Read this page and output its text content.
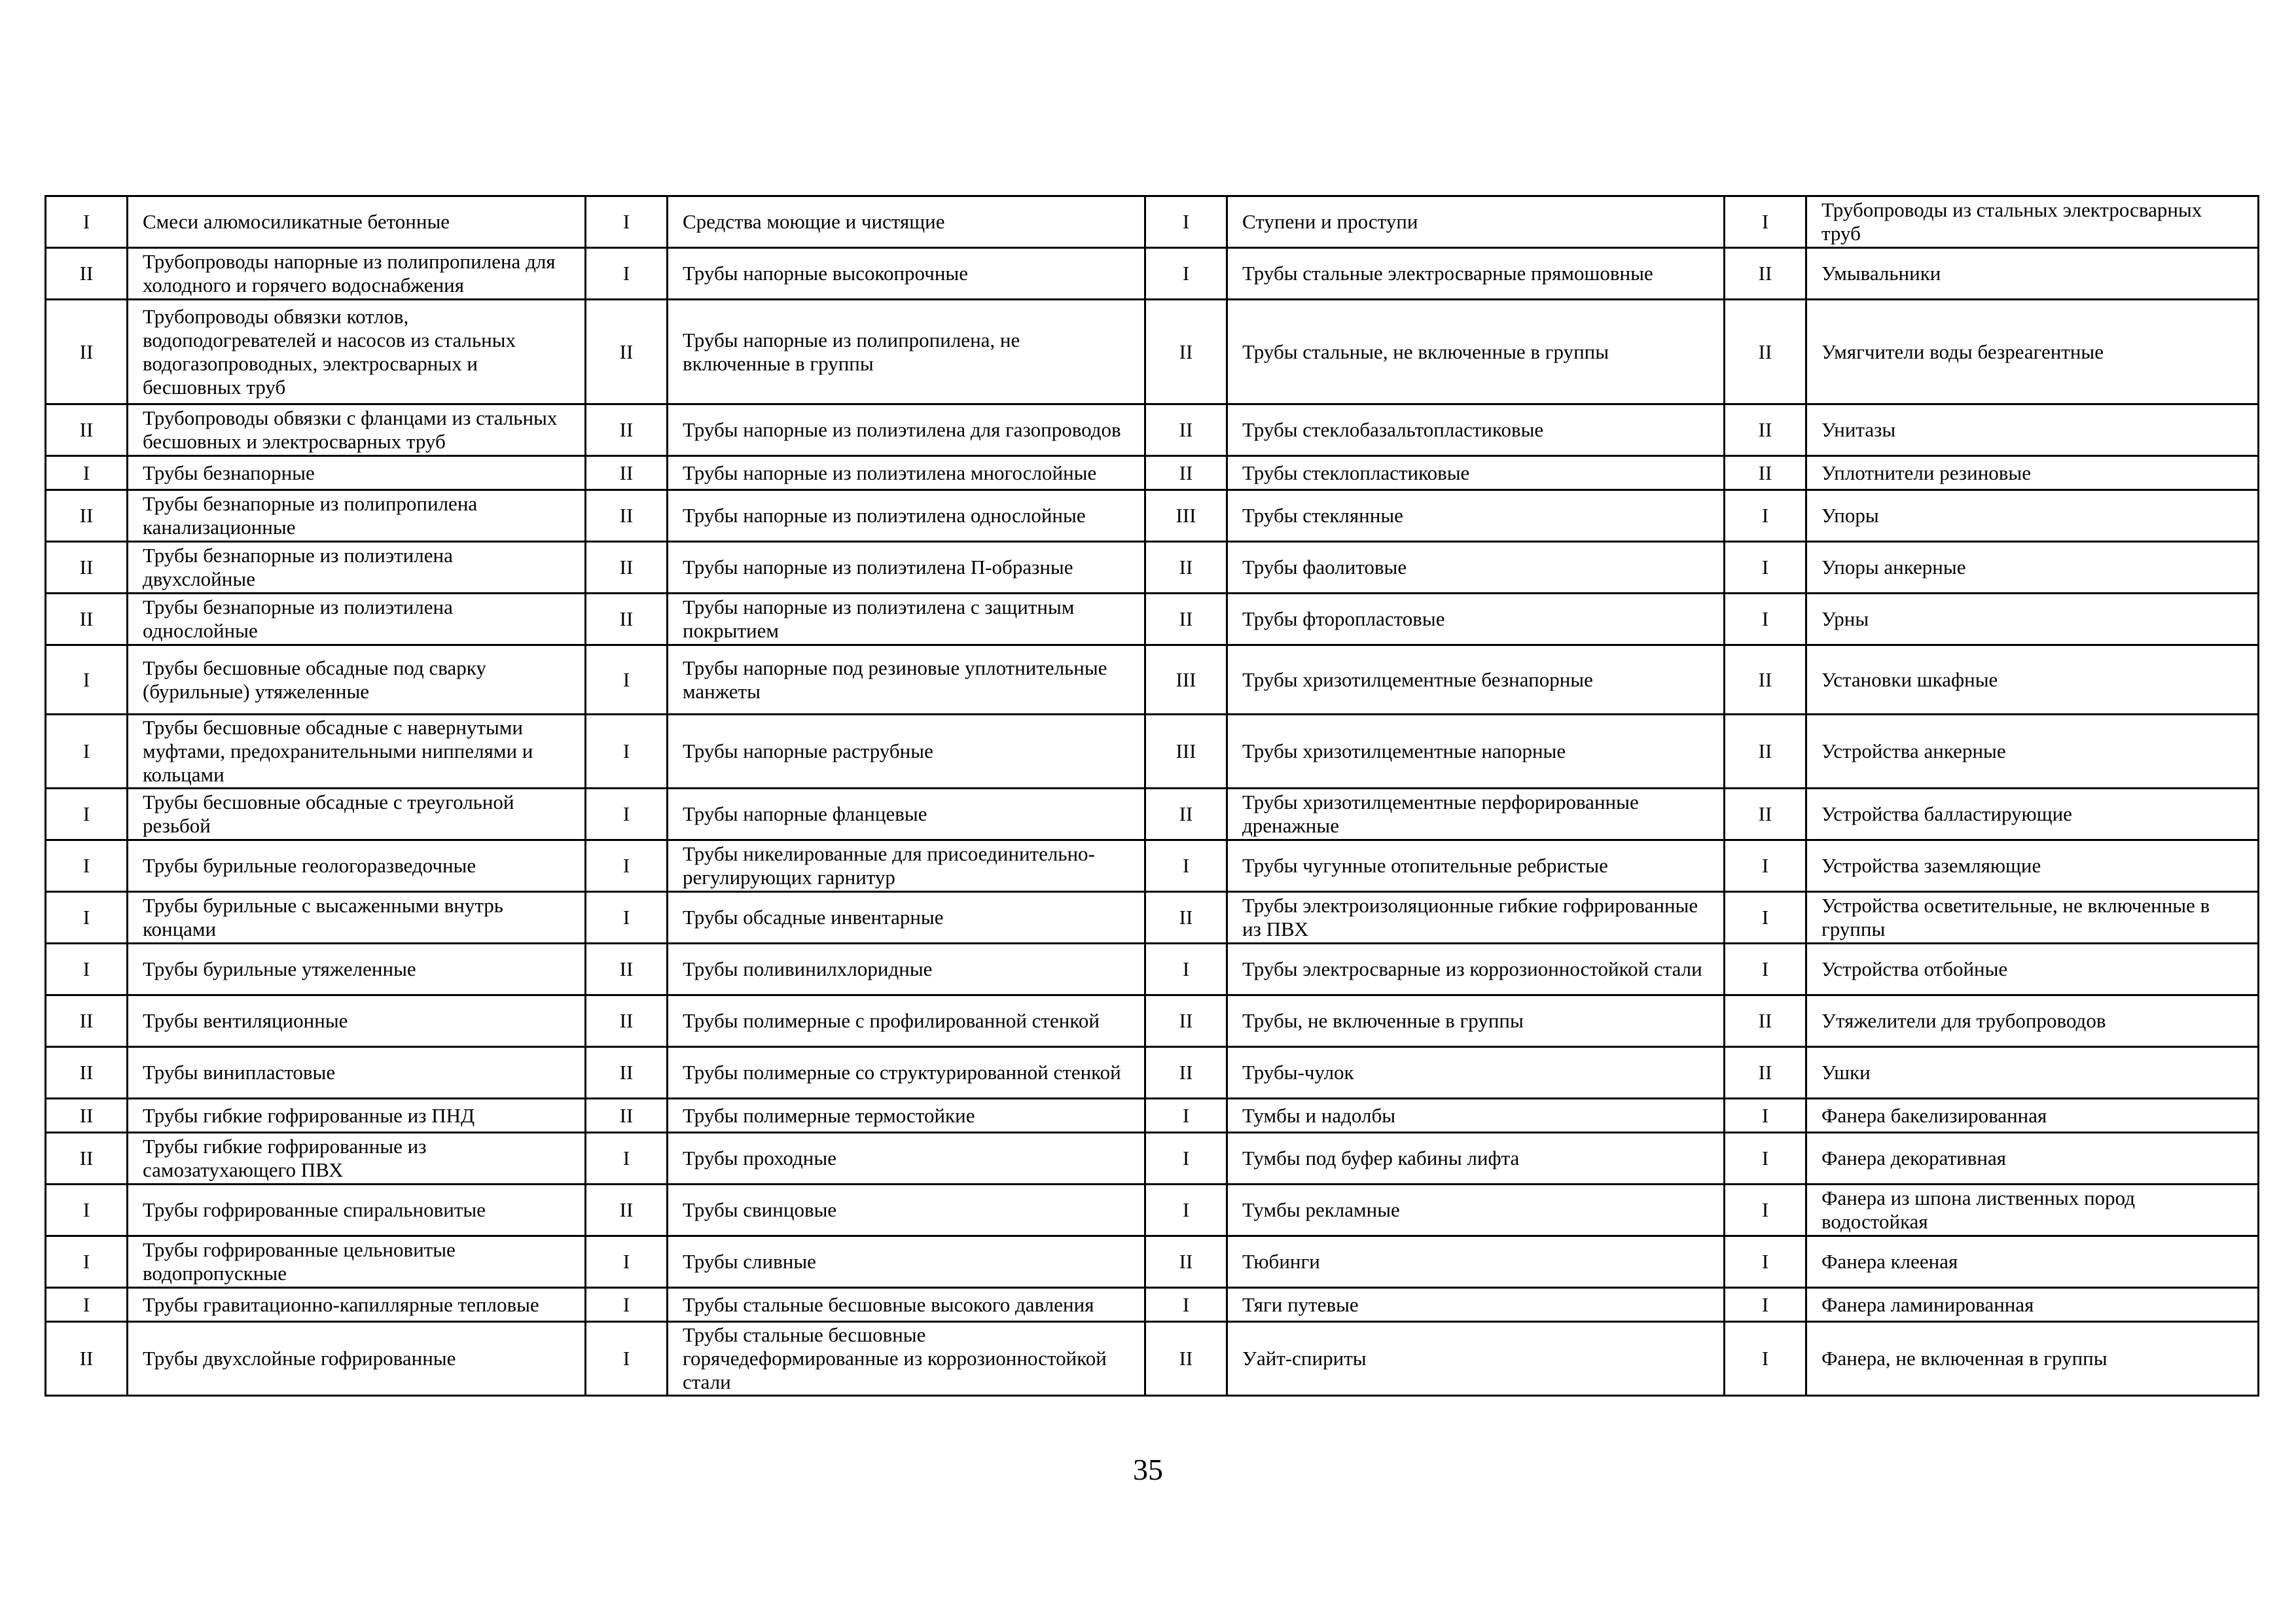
I	Смеси алюмосиликатные бетонные	I	Средства моющие и чистящие	I	Ступени и проступи	I	Трубопроводы из стальных электросварных труб
II	Трубопроводы напорные из полипропилена для холодного и горячего водоснабжения	I	Трубы напорные высокопрочные	I	Трубы стальные электросварные прямошовные	II	Умывальники
II	Трубопроводы обвязки котлов, водоподогревателей и насосов из стальных водогазопроводных, электросварных и бесшовных труб	II	Трубы напорные из полипропилена, не включенные в группы	II	Трубы стальные, не включенные в группы	II	Умягчители воды безреагентные
II	Трубопроводы обвязки с фланцами из стальных бесшовных и электросварных труб	II	Трубы напорные из полиэтилена для газопроводов	II	Трубы стеклобазальтопластиковые	II	Унитазы
I	Трубы безнапорные	II	Трубы напорные из полиэтилена многослойные	II	Трубы стеклопластиковые	II	Уплотнители резиновые
II	Трубы безнапорные из полипропилена канализационные	II	Трубы напорные из полиэтилена однослойные	III	Трубы стеклянные	I	Упоры
II	Трубы безнапорные из полиэтилена двухслойные	II	Трубы напорные из полиэтилена П-образные	II	Трубы фаолитовые	I	Упоры анкерные
II	Трубы безнапорные из полиэтилена однослойные	II	Трубы напорные из полиэтилена с защитным покрытием	II	Трубы фторопластовые	I	Урны
I	Трубы бесшовные обсадные под сварку (бурильные) утяжеленные	I	Трубы напорные под резиновые уплотнительные манжеты	III	Трубы хризотилцементные безнапорные	II	Установки шкафные
I	Трубы бесшовные обсадные с навернутыми муфтами, предохранительными ниппелями и кольцами	I	Трубы напорные раструбные	III	Трубы хризотилцементные напорные	II	Устройства анкерные
I	Трубы бесшовные обсадные с треугольной резьбой	I	Трубы напорные фланцевые	II	Трубы хризотилцементные перфорированные дренажные	II	Устройства балластирующие
I	Трубы бурильные геологоразведочные	I	Трубы никелированные для присоединительно-регулирующих гарнитур	I	Трубы чугунные отопительные ребристые	I	Устройства заземляющие
I	Трубы бурильные с высаженными внутрь концами	I	Трубы обсадные инвентарные	II	Трубы электроизоляционные гибкие гофрированные из ПВХ	I	Устройства осветительные, не включенные в группы
I	Трубы бурильные утяжеленные	II	Трубы поливинилхлоридные	I	Трубы электросварные из коррозионностойкой стали	I	Устройства отбойные
II	Трубы вентиляционные	II	Трубы полимерные с профилированной стенкой	II	Трубы, не включенные в группы	II	Утяжелители для трубопроводов
II	Трубы винипластовые	II	Трубы полимерные со структурированной стенкой	II	Трубы-чулок	II	Ушки
II	Трубы гибкие гофрированные из ПНД	II	Трубы полимерные термостойкие	I	Тумбы и надолбы	I	Фанера бакелизированная
II	Трубы гибкие гофрированные из самозатухающего ПВХ	I	Трубы проходные	I	Тумбы под буфер кабины лифта	I	Фанера декоративная
I	Трубы гофрированные спиральновитые	II	Трубы свинцовые	I	Тумбы рекламные	I	Фанера из шпона лиственных пород водостойкая
I	Трубы гофрированные цельновитые водопропускные	I	Трубы сливные	II	Тюбинги	I	Фанера клееная
I	Трубы гравитационно-капиллярные тепловые	I	Трубы стальные бесшовные высокого давления	I	Тяги путевые	I	Фанера ламинированная
II	Трубы двухслойные гофрированные	I	Трубы стальные бесшовные горячедеформированные из коррозионностойкой стали	II	Уайт-спириты	I	Фанера, не включенная в группы
35
